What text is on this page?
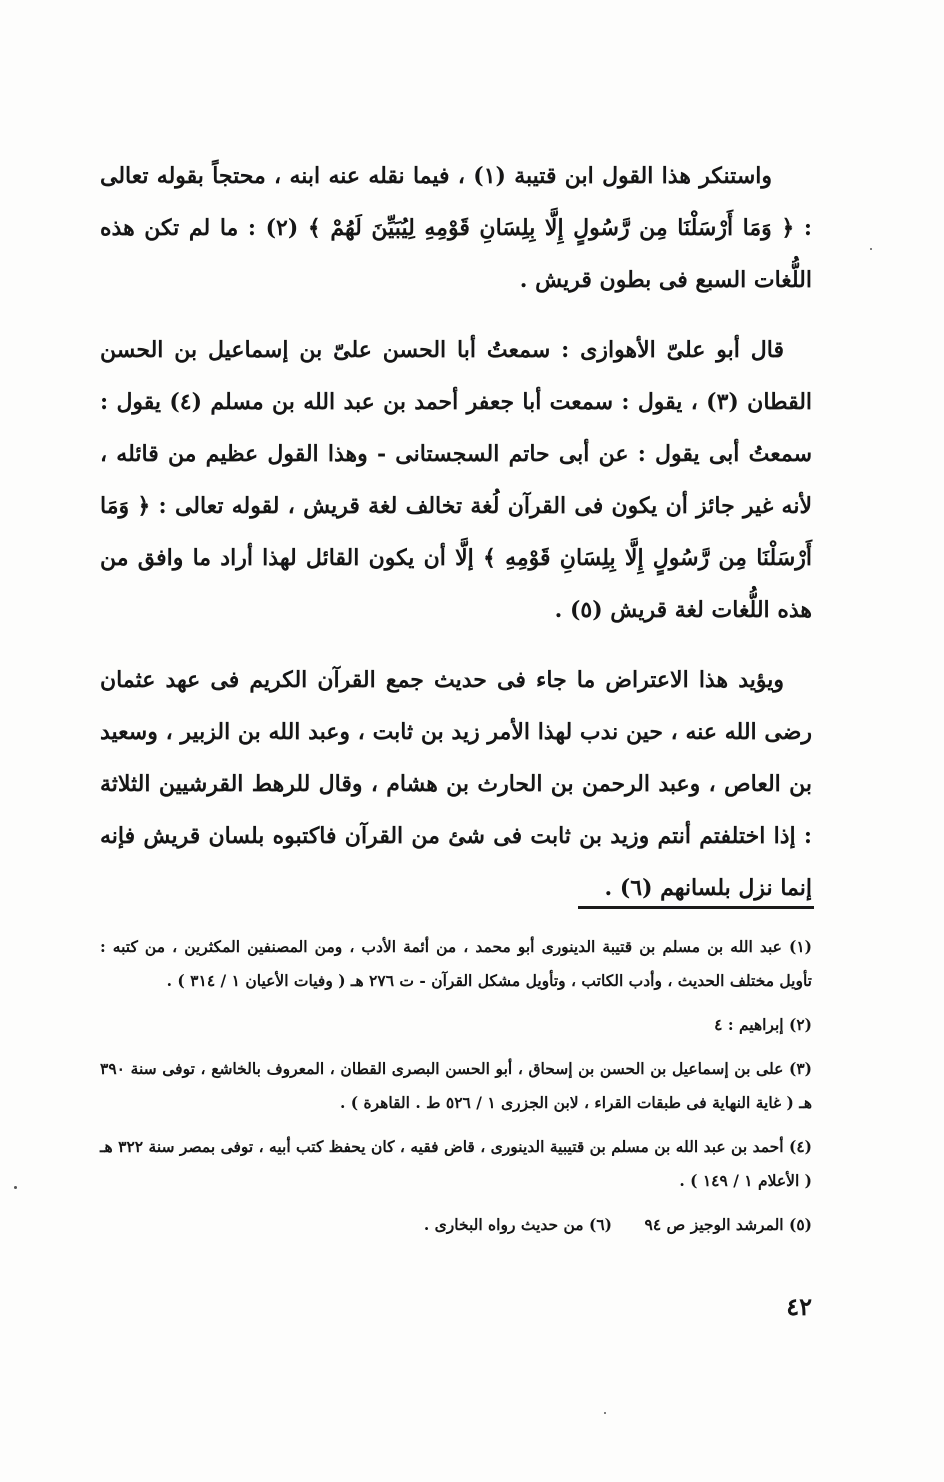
واستنكر هذا القول ابن قتيبة (١) ، فيما نقله عنه ابنه ، محتجاً بقوله تعالى : ﴿ وَمَا أَرْسَلْنَا مِن رَّسُولٍ إِلَّا بِلِسَانِ قَوْمِهِ لِيُبَيِّنَ لَهُمْ ﴾ (٢) : ما لم تكن هذه اللُّغات السبع فى بطون قريش .

قال أبو علىّ الأهوازى : سمعتُ أبا الحسن علىّ بن إسماعيل بن الحسن القطان (٣) ، يقول : سمعت أبا جعفر أحمد بن عبد الله بن مسلم (٤) يقول : سمعتُ أبى يقول : عن أبى حاتم السجستانى - وهذا القول عظيم من قائله ، لأنه غير جائز أن يكون فى القرآن لُغة تخالف لغة قريش ، لقوله تعالى : ﴿ وَمَا أَرْسَلْنَا مِن رَّسُولٍ إِلَّا بِلِسَانِ قَوْمِهِ ﴾ إلَّا أن يكون القائل لهذا أراد ما وافق من هذه اللُّغات لغة قريش (٥) .

ويؤيد هذا الاعتراض ما جاء فى حديث جمع القرآن الكريم فى عهد عثمان رضى الله عنه ، حين ندب لهذا الأمر زيد بن ثابت ، وعبد الله بن الزبير ، وسعيد بن العاص ، وعبد الرحمن بن الحارث بن هشام ، وقال للرهط القرشيين الثلاثة : إذا اختلفتم أنتم وزيد بن ثابت فى شئ من القرآن فاكتبوه بلسان قريش فإنه إنما نزل بلسانهم (٦) .

(١) عبد الله بن مسلم بن قتيبة الدينورى أبو محمد ، من أئمة الأدب ، ومن المصنفين المكثرين ، من كتبه : تأويل مختلف الحديث ، وأدب الكاتب ، وتأويل مشكل القرآن - ت ٢٧٦ هـ ( وفيات الأعيان ١ / ٣١٤ ) .

(٢) إبراهيم : ٤

(٣) على بن إسماعيل بن الحسن بن إسحاق ، أبو الحسن البصرى القطان ، المعروف بالخاشع ، توفى سنة ٣٩٠ هـ ( غاية النهاية فى طبقات القراء ، لابن الجزرى ١ / ٥٢٦ ط . القاهرة ) .

(٤) أحمد بن عبد الله بن مسلم بن قتيبية الدينورى ، قاض فقيه ، كان يحفظ كتب أبيه ، توفى بمصر سنة ٣٢٢ هـ ( الأعلام ١ / ١٤٩ ) .

(٥) المرشد الوجيز ص ٩٤
(٦) من حديث رواه البخارى .
٤٢
